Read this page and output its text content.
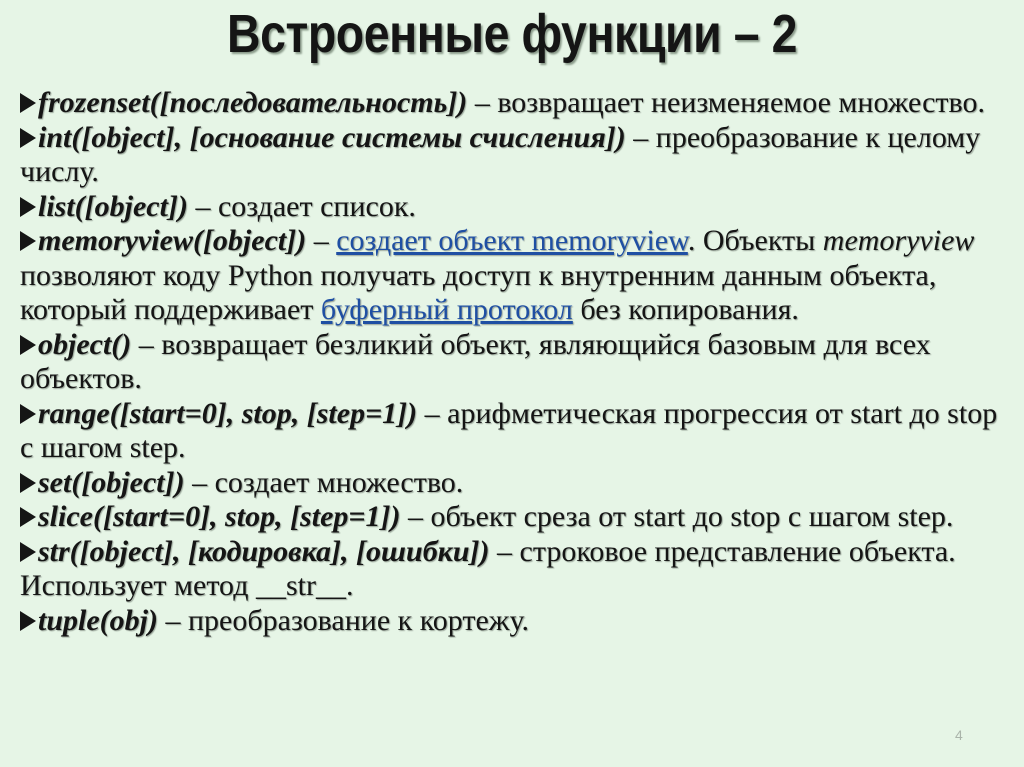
Встроенные функции – 2

frozenset([последовательность]) – возвращает неизменяемое множество.

int([object], [основание системы счисления]) – преобразование к целому числу.

list([object]) – создает список.

memoryview([object]) – создает объект memoryview. Объекты memoryview позволяют коду Python получать доступ к внутренним данным объекта, который поддерживает буферный протокол без копирования.

object() – возвращает безликий объект, являющийся базовым для всех объектов.

range([start=0], stop, [step=1]) – арифметическая прогрессия от start до stop с шагом step.

set([object]) – создает множество.

slice([start=0], stop, [step=1]) – объект среза от start до stop с шагом step.

str([object], [кодировка], [ошибки]) – строковое представление объекта. Использует метод __str__.

tuple(obj) – преобразование к кортежу.

4
